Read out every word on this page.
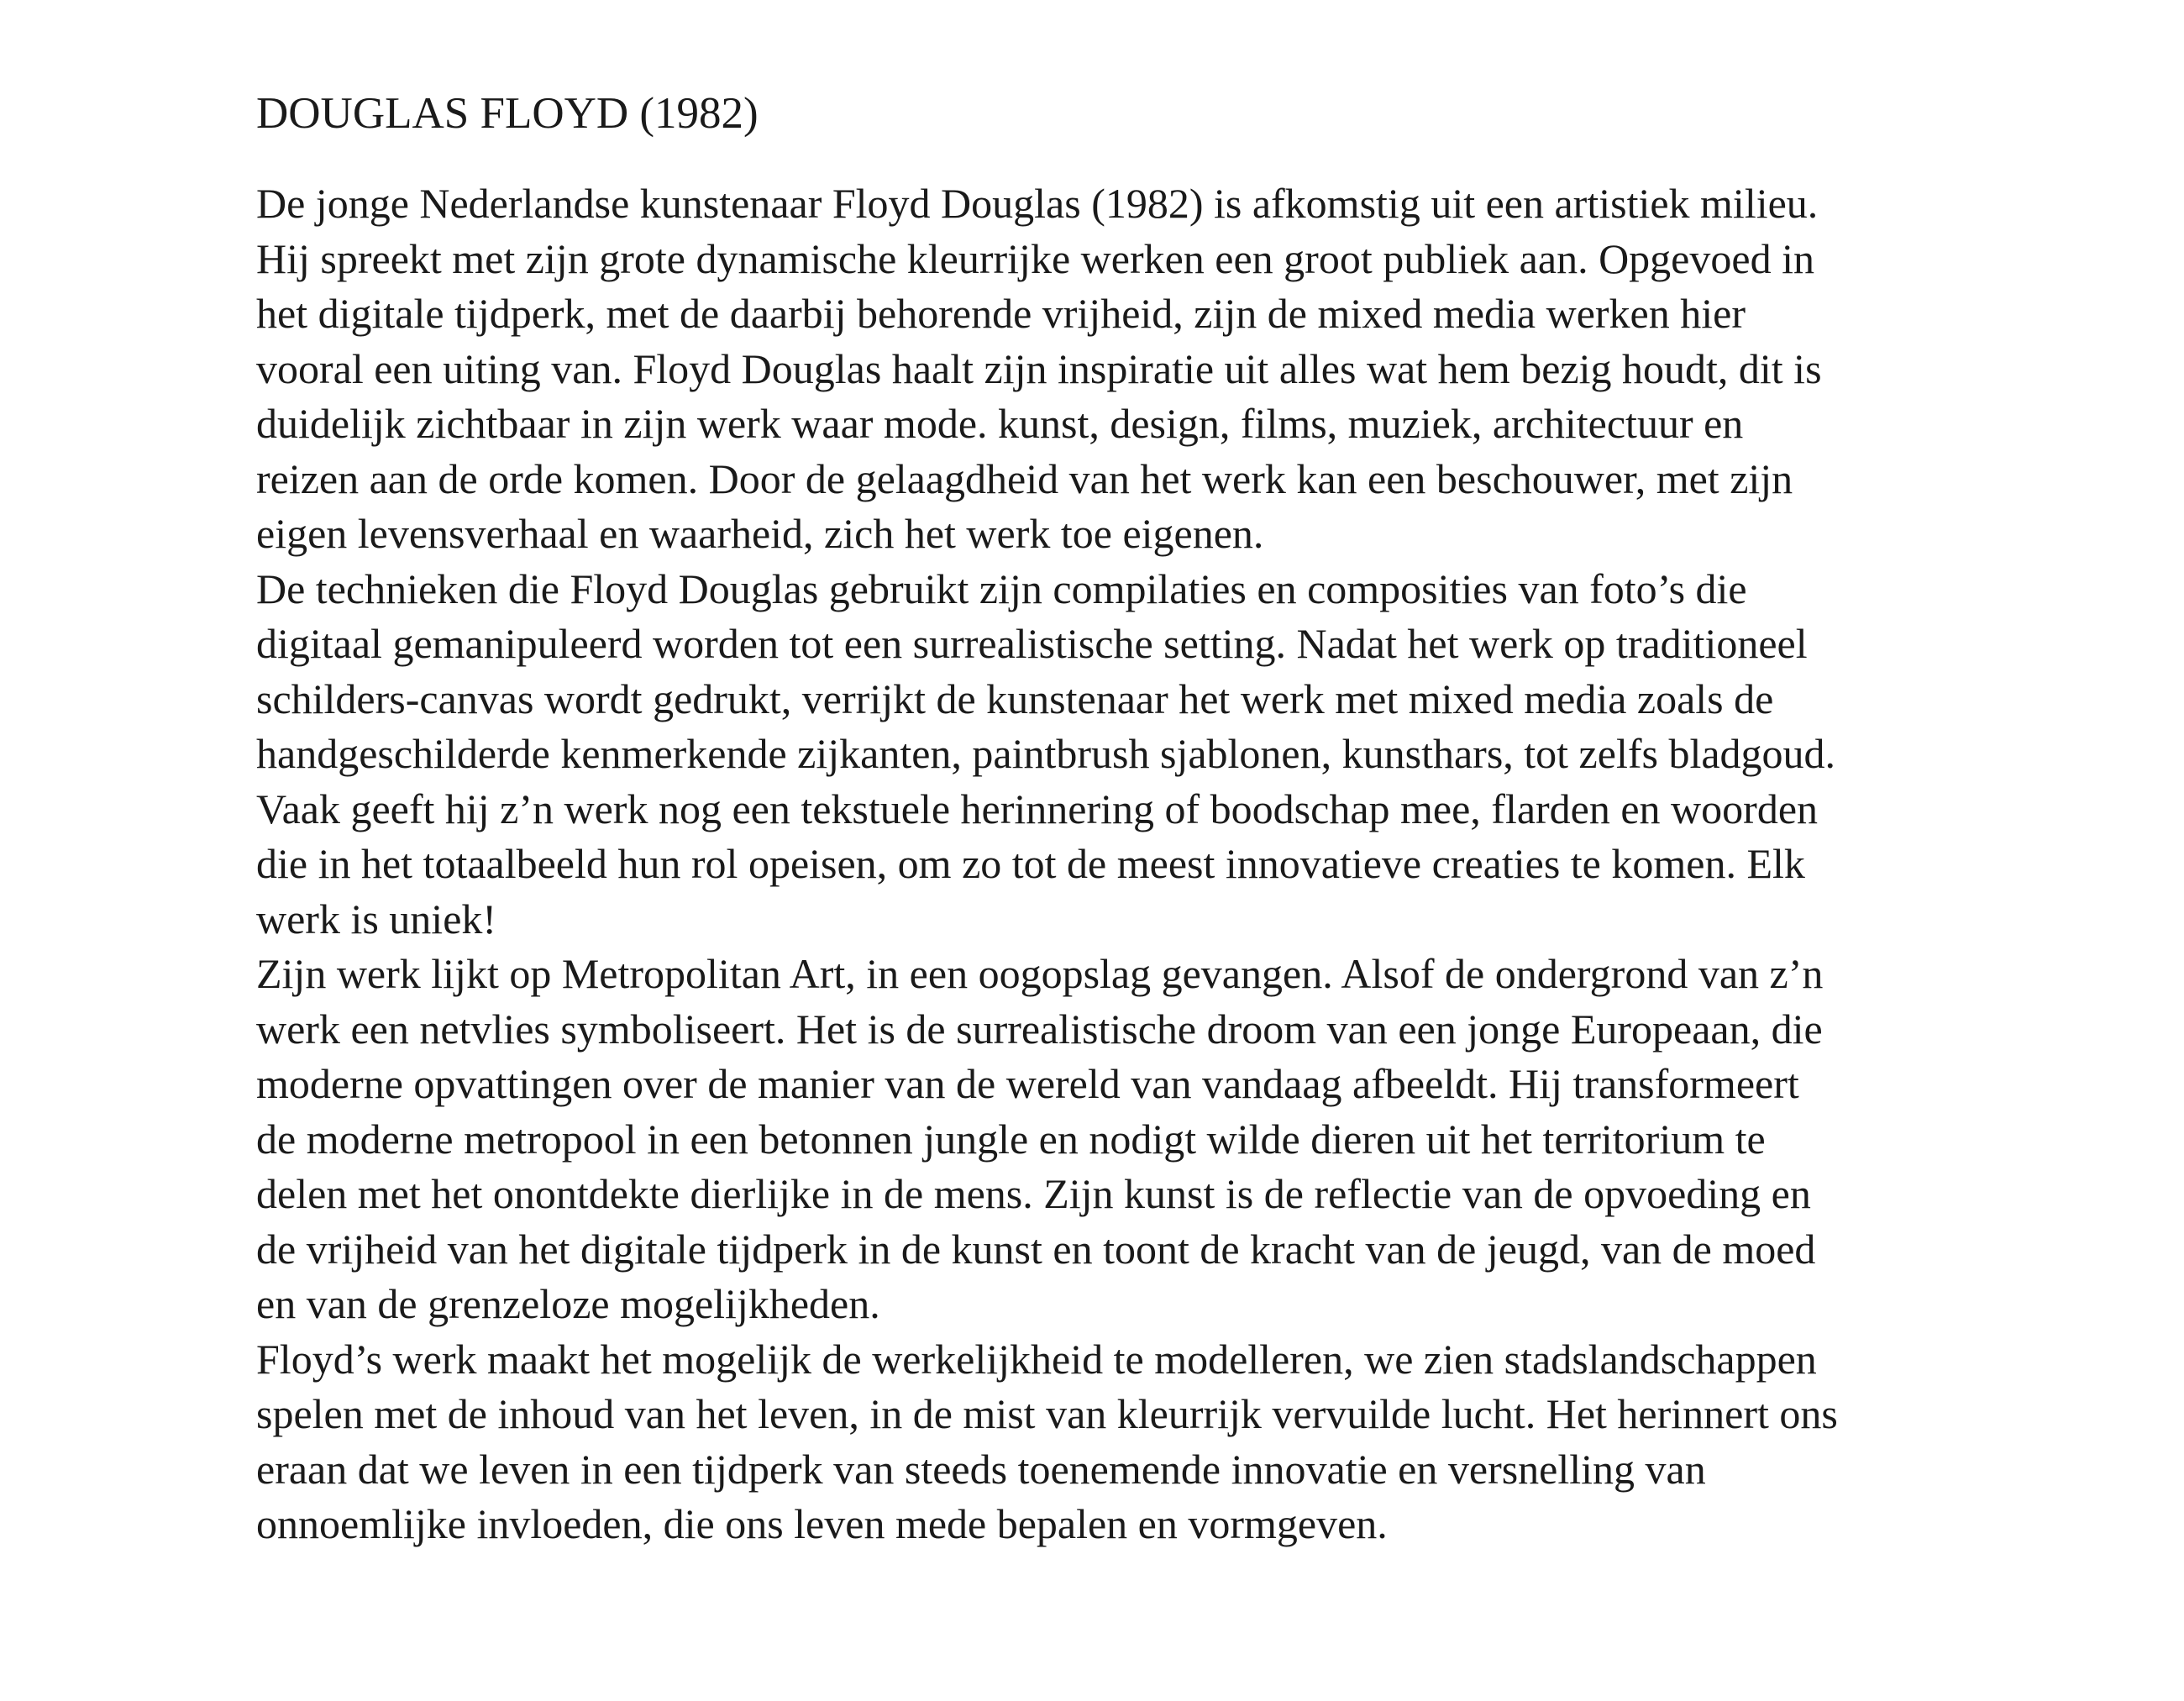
DOUGLAS FLOYD (1982)
De jonge Nederlandse kunstenaar Floyd Douglas (1982) is afkomstig uit een artistiek milieu.
Hij spreekt met zijn grote dynamische kleurrijke werken een groot publiek aan. Opgevoed in
het digitale tijdperk, met de daarbij behorende vrijheid, zijn de mixed media werken hier
vooral een uiting van. Floyd Douglas haalt zijn inspiratie uit alles wat hem bezig houdt, dit is
duidelijk zichtbaar in zijn werk waar mode. kunst, design, films, muziek, architectuur en
reizen aan de orde komen. Door de gelaagdheid van het werk kan een beschouwer, met zijn
eigen levensverhaal en waarheid, zich het werk toe eigenen.
De technieken die Floyd Douglas gebruikt zijn compilaties en composities van foto’s die
digitaal gemanipuleerd worden tot een surrealistische setting. Nadat het werk op traditioneel
schilders-canvas wordt gedrukt, verrijkt de kunstenaar het werk met mixed media zoals de
handgeschilderde kenmerkende zijkanten, paintbrush sjablonen, kunsthars, tot zelfs bladgoud.
Vaak geeft hij z’n werk nog een tekstuele herinnering of boodschap mee, flarden en woorden
die in het totaalbeeld hun rol opeisen, om zo tot de meest innovatieve creaties te komen. Elk
werk is uniek!
Zijn werk lijkt op Metropolitan Art, in een oogopslag gevangen. Alsof de ondergrond van z’n
werk een netvlies symboliseert. Het is de surrealistische droom van een jonge Europeaan, die
moderne opvattingen over de manier van de wereld van vandaag afbeeldt. Hij transformeert
de moderne metropool in een betonnen jungle en nodigt wilde dieren uit het territorium te
delen met het onontdekte dierlijke in de mens. Zijn kunst is de reflectie van de opvoeding en
de vrijheid van het digitale tijdperk in de kunst en toont de kracht van de jeugd, van de moed
en van de grenzeloze mogelijkheden.
Floyd’s werk maakt het mogelijk de werkelijkheid te modelleren, we zien stadslandschappen
spelen met de inhoud van het leven, in de mist van kleurrijk vervuilde lucht. Het herinnert ons
eraan dat we leven in een tijdperk van steeds toenemende innovatie en versnelling van
onnoemlijke invloeden, die ons leven mede bepalen en vormgeven.
